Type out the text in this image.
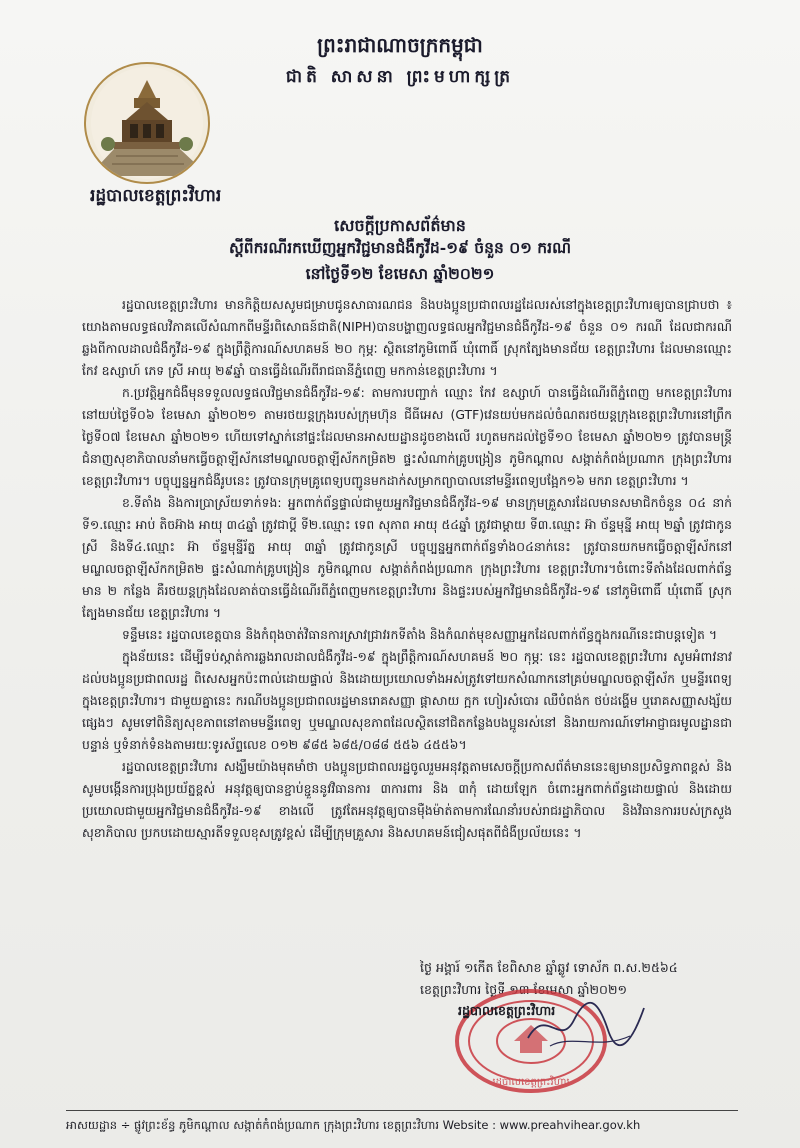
ព្រះរាជាណាចក្រកម្ពុជា
ជាតិ សាសនា ព្រះមហាក្សត្រ
រដ្ឋបាលខេត្តព្រះវិហារ
សេចក្ដីប្រកាសព័ត៌មាន
ស្ដីពីករណីរកឃើញអ្នកវិជ្ជមានជំងឺកូវីដ-១៩ ចំនួន ០១ ករណី
នៅថ្ងៃទី១២ ខែមេសា ឆ្នាំ២០២១

រដ្ឋបាលខេត្តព្រះវិហារ មានកិត្តិយសសូមជម្រាបជូនសាធារណជន និងបងប្អូនប្រជាពលរដ្ឋដែលរស់នៅក្នុងខេត្តព្រះវិហារឲ្យបានជ្រាបថា ៖ យោងតាមលទ្ធផលវិភាគលើសំណាកពីមន្ទីរពិសោធន៍ជាតិ(NIPH)បានបង្ហាញលទ្ធផលអ្នកវិជ្ជមានជំងឺកូវីដ-១៩ ចំនួន ០១ ករណី ដែលជាករណីឆ្លងពីកាលដាលជំងឺកូវីដ-១៩ ក្នុងព្រឹត្តិការណ៍សហគមន៍ ២០ កុម្ភៈ ស្ថិតនៅភូមិពោធិ៍ ឃុំពោធិ៍ ស្រុកត្បែងមានជ័យ ខេត្តព្រះវិហារ ដែលមានឈ្មោះ កែវ ឧស្សាហ៍ ភេទ ស្រី អាយុ ២៩ឆ្នាំ បានធ្វើដំណើរពីរាជធានីភ្នំពេញ មកកាន់ខេត្តព្រះវិហារ ។

ក.ប្រវត្តិអ្នកជំងឺមុនទទួលលទ្ធផលវិជ្ជមានជំងឺកូវីដ-១៩: តាមការបញ្ជាក់ ឈ្មោះ កែវ ឧស្សាហ៍ បានធ្វើដំណើរពីភ្នំពេញ មកខេត្តព្រះវិហារនៅយប់ថ្ងៃទី០៦ ខែមេសា ឆ្នាំ២០២១ តាមរថយន្តក្រុងរបស់ក្រុមហ៊ុន ជីធីអេស (GTF)វេនយប់មកដល់ចំណតរថយន្តក្រុងខេត្តព្រះវិហារនៅព្រឹកថ្ងៃទី០៧ ខែមេសា ឆ្នាំ២០២១ ហើយទៅស្នាក់នៅផ្ទះដែលមានអាសយដ្ឋានដូចខាងលើ រហូតមកដល់ថ្ងៃទី១០ ខែមេសា ឆ្នាំ២០២១ ត្រូវបានមន្ត្រីជំនាញសុខាភិបាលនាំមកធ្វើចត្តាឡីស័កនៅមណ្ឌលចត្តាឡីស័កកម្រិត២ ផ្ទះសំណាក់គ្រូបង្រៀន ភូមិកណ្ដាល សង្កាត់កំពង់ប្រណាក ក្រុងព្រះវិហារ ខេត្តព្រះវិហារ។ បច្ចុប្បន្នអ្នកជំងឺរូបនេះ ត្រូវបានក្រុមគ្រូពេទ្យបញ្ជូនមកដាក់សម្រាកព្យាបាលនៅមន្ទីរពេទ្យបង្អែក១៦ មករា ខេត្តព្រះវិហារ ។

ខ.ទីតាំង និងការប្រាស្រ័យទាក់ទង: អ្នកពាក់ព័ន្ធផ្ទាល់ជាមួយអ្នកវិជ្ជមានជំងឺកូវីដ-១៩ មានក្រុមគ្រួសារដែលមានសមាជិកចំនួន ០៤ នាក់ ទី១.ឈ្មោះ អាប់ តិចអ៊ាង អាយុ ៣៤ឆ្នាំ ត្រូវជាប្ដី ទី២.ឈ្មោះ ទេព សុភាព អាយុ ៥៤ឆ្នាំ ត្រូវជាម្ដាយ ទី៣.ឈ្មោះ អ៊ា ច័ន្ទមុន្នី អាយុ ២ឆ្នាំ ត្រូវជាកូនស្រី និងទី៤.ឈ្មោះ អ៊ា ច័ន្ទមុន្នីរ័ត្ន អាយុ ៣ឆ្នាំ ត្រូវជាកូនស្រី បច្ចុប្បន្នអ្នកពាក់ព័ន្ធទាំង០៤នាក់នេះ ត្រូវបានយកមកធ្វើចត្តាឡីស័កនៅមណ្ឌលចត្តាឡីស័កកម្រិត២ ផ្ទះសំណាក់គ្រូបង្រៀន ភូមិកណ្ដាល សង្កាត់កំពង់ប្រណាក ក្រុងព្រះវិហារ ខេត្តព្រះវិហារ។ចំពោះទីតាំងដែលពាក់ព័ន្ធមាន ២ កន្លែង គឺរថយន្តក្រុងដែលគាត់បានធ្វើដំណើរពីភ្នំពេញមកខេត្តព្រះវិហារ និងផ្ទះរបស់អ្នកវិជ្ជមានជំងឺកូវីដ-១៩ នៅភូមិពោធិ៍ ឃុំពោធិ៍ ស្រុកត្បែងមានជ័យ ខេត្តព្រះវិហារ ។

ទន្ទឹមនេះ រដ្ឋបាលខេត្តបាន និងកំពុងចាត់វិធានការស្រាវជ្រាវរកទីតាំង និងកំណត់មុខសញ្ញាអ្នកដែលពាក់ព័ន្ធក្នុងករណីនេះជាបន្តទៀត ។

ក្នុងន័យនេះ ដើម្បីទប់ស្កាត់ការឆ្លងរាលដាលជំងឺកូវីដ-១៩ ក្នុងព្រឹត្តិការណ៍សហគមន៍ ២០ កុម្ភៈ នេះ រដ្ឋបាលខេត្តព្រះវិហារ សូមអំពាវនាវដល់បងប្អូនប្រជាពលរដ្ឋ ពិសេសអ្នកប៉ះពាល់ដោយផ្ទាល់ និងដោយប្រយោលទាំងអស់ត្រូវទៅយកសំណាកនៅគ្រប់មណ្ឌលចត្តាឡីស័ក ឬមន្ទីរពេទ្យក្នុងខេត្តព្រះវិហារ។ ជាមួយគ្នានេះ ករណីបងប្អូនប្រជាពលរដ្ឋមានរោគសញ្ញា ផ្ដាសាយ ក្អក ហៀរសំបោរ ឈឺបំពង់ក ថប់ដង្ហើម ឬរោគសញ្ញាសង្ស័យផ្សេងៗ សូមទៅពិនិត្យសុខភាពនៅតាមមន្ទីរពេទ្យ ឬមណ្ឌលសុខភាពដែលស្ថិតនៅជិតកន្លែងបងប្អូនរស់នៅ និងរាយការណ៍ទៅអាជ្ញាធរមូលដ្ឋានជាបន្ទាន់ ឬទំនាក់ទំនងតាមរយៈទូរស័ព្ទលេខ ០១២ ៩៨៥ ៦៨៥/០៨៨ ៥៥៦ ៤៥៥៦។

រដ្ឋបាលខេត្តព្រះវិហារ សង្ឃឹមយ៉ាងមុតមាំថា បងប្អូនប្រជាពលរដ្ឋចូលរួមអនុវត្តតាមសេចក្ដីប្រកាសព័ត៌មាននេះឲ្យមានប្រសិទ្ធភាពខ្ពស់ និងសូមបង្កើនការប្រុងប្រយ័ត្នខ្ពស់ អនុវត្តឲ្យបានខ្ជាប់ខ្ជួននូវវិធានការ ៣ការពារ និង ៣កុំ ដោយឡែក ចំពោះអ្នកពាក់ព័ន្ធដោយផ្ទាល់ និងដោយប្រយោលជាមួយអ្នកវិជ្ជមានជំងឺកូវីដ-១៩ ខាងលើ ត្រូវតែអនុវត្តឲ្យបានម៉ឺងម៉ាត់តាមការណែនាំរបស់រាជរដ្ឋាភិបាល និងវិធានការរបស់ក្រសួងសុខាភិបាល ប្រកបដោយស្មារតីទទួលខុសត្រូវខ្ពស់ ដើម្បីក្រុមគ្រួសារ និងសហគមន៍ជៀសផុតពីជំងឺប្រល័យនេះ ។

ថ្ងៃ អង្គារ៍ ១កើត ខែពិសាខ ឆ្នាំឆ្លូវ ទោស័ក ព.ស.២៥៦៤
ខេត្តព្រះវិហារ ថ្ងៃទី ១៣ ខែមេសា ឆ្នាំ២០២១
រដ្ឋបាលខេត្តព្រះវិហារ
រដ្ឋបាលខេត្តព្រះវិហារ
អាសយដ្ឋាន ÷ ផ្លូវព្រះខ័ន្ធ ភូមិកណ្ដាល សង្កាត់កំពង់ប្រណាក ក្រុងព្រះវិហារ ខេត្តព្រះវិហារ Website : www.preahvihear.gov.kh
